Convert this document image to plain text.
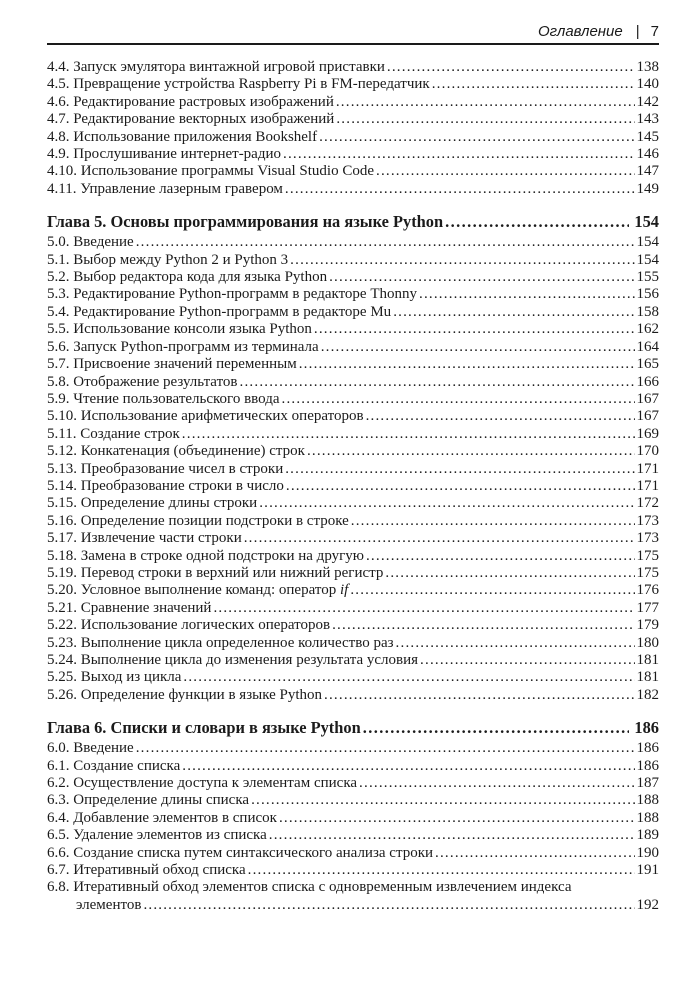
Оглавление | 7
4.4. Запуск эмулятора винтажной игровой приставки .....	138
4.5. Превращение устройства Raspberry Pi в FM-передатчик .....	140
4.6. Редактирование растровых изображений .....	142
4.7. Редактирование векторных изображений .....	143
4.8. Использование приложения Bookshelf .....	145
4.9. Прослушивание интернет-радио .....	146
4.10. Использование программы Visual Studio Code .....	147
4.11. Управление лазерным гравером .....	149
Глава 5. Основы программирования на языке Python .....	154
5.0. Введение .....	154
5.1. Выбор между Python 2 и Python 3 .....	154
5.2. Выбор редактора кода для языка Python .....	155
5.3. Редактирование Python-программ в редакторе Thonny .....	156
5.4. Редактирование Python-программ в редакторе Mu .....	158
5.5. Использование консоли языка Python .....	162
5.6. Запуск Python-программ из терминала .....	164
5.7. Присвоение значений переменным .....	165
5.8. Отображение результатов .....	166
5.9. Чтение пользовательского ввода .....	167
5.10. Использование арифметических операторов .....	167
5.11. Создание строк .....	169
5.12. Конкатенация (объединение) строк .....	170
5.13. Преобразование чисел в строки .....	171
5.14. Преобразование строки в число .....	171
5.15. Определение длины строки .....	172
5.16. Определение позиции подстроки в строке .....	173
5.17. Извлечение части строки .....	173
5.18. Замена в строке одной подстроки на другую .....	175
5.19. Перевод строки в верхний или нижний регистр .....	175
5.20. Условное выполнение команд: оператор if .....	176
5.21. Сравнение значений .....	177
5.22. Использование логических операторов .....	179
5.23. Выполнение цикла определенное количество раз .....	180
5.24. Выполнение цикла до изменения результата условия .....	181
5.25. Выход из цикла .....	181
5.26. Определение функции в языке Python .....	182
Глава 6. Списки и словари в языке Python .....	186
6.0. Введение .....	186
6.1. Создание списка .....	186
6.2. Осуществление доступа к элементам списка .....	187
6.3. Определение длины списка .....	188
6.4. Добавление элементов в список .....	188
6.5. Удаление элементов из списка .....	189
6.6. Создание списка путем синтаксического анализа строки .....	190
6.7. Итеративный обход списка .....	191
6.8. Итеративный обход элементов списка с одновременным извлечением индекса
элементов .....	192
